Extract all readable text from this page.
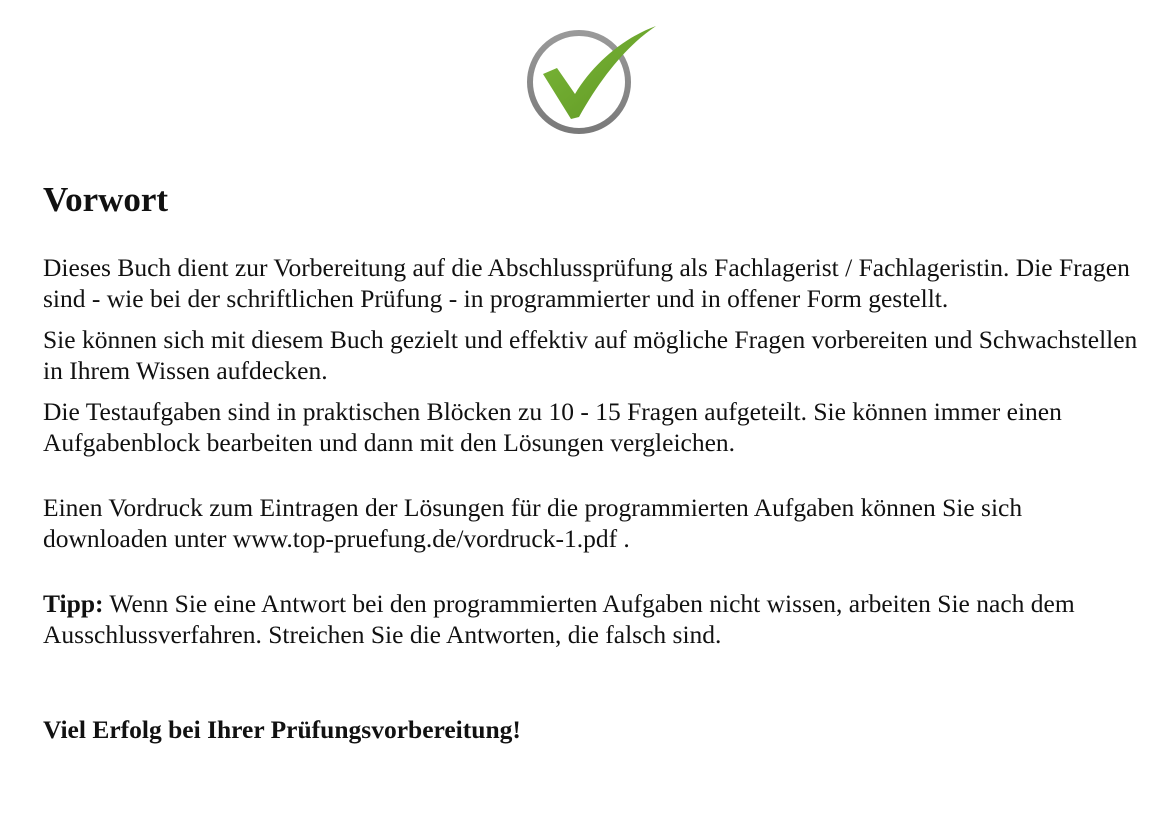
Vorwort

Dieses Buch dient zur Vorbereitung auf die Abschlussprüfung als Fachlagerist / Fachlageristin. Die Fragen sind - wie bei der schriftlichen Prüfung - in programmierter und in offener Form gestellt.

Sie können sich mit diesem Buch gezielt und effektiv auf mögliche Fragen vorbereiten und Schwachstellen in Ihrem Wissen aufdecken.

Die Testaufgaben sind in praktischen Blöcken zu 10 - 15 Fragen aufgeteilt. Sie können immer einen Aufgabenblock bearbeiten und dann mit den Lösungen vergleichen.

Einen Vordruck zum Eintragen der Lösungen für die programmierten Aufgaben können Sie sich downloaden unter www.top-pruefung.de/vordruck-1.pdf .

Tipp: Wenn Sie eine Antwort bei den programmierten Aufgaben nicht wissen, arbeiten Sie nach dem Ausschlussverfahren. Streichen Sie die Antworten, die falsch sind.

Viel Erfolg bei Ihrer Prüfungsvorbereitung!
